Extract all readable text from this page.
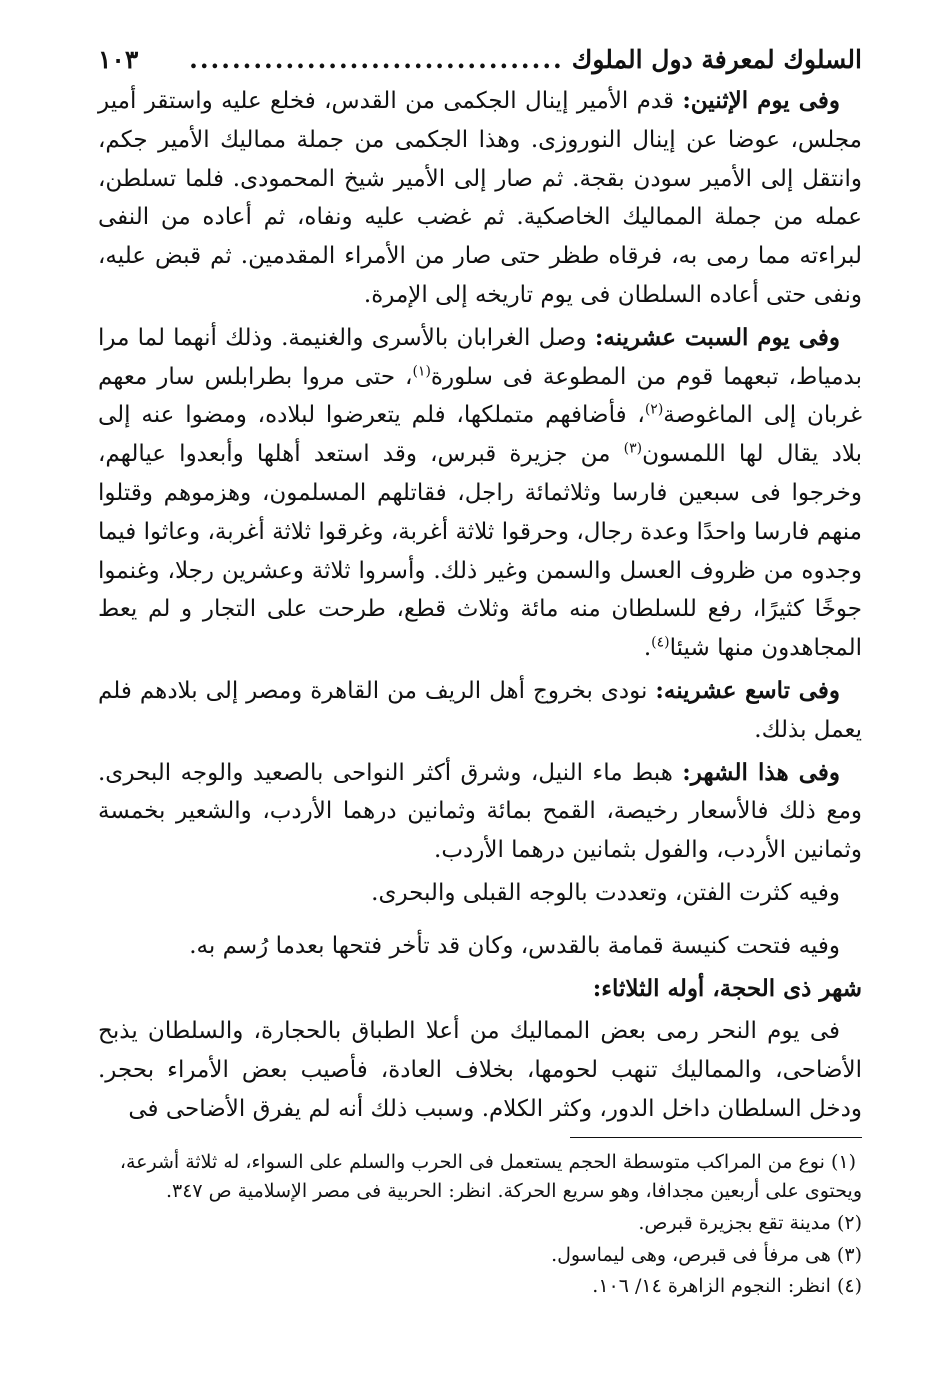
السلوك لمعرفة دول الملوك
...................................
١٠٣

وفى يوم الإثنين: قدم الأمير إينال الجكمى من القدس، فخلع عليه واستقر أمير مجلس، عوضا عن إينال النوروزى. وهذا الجكمى من جملة مماليك الأمير جكم، وانتقل إلى الأمير سودن بقجة. ثم صار إلى الأمير شيخ المحمودى. فلما تسلطن، عمله من جملة المماليك الخاصكية. ثم غضب عليه ونفاه، ثم أعاده من النفى لبراءته مما رمى به، فرقاه طظر حتى صار من الأمراء المقدمين. ثم قبض عليه، ونفى حتى أعاده السلطان فى يوم تاريخه إلى الإمرة.

وفى يوم السبت عشرينه: وصل الغرابان بالأسرى والغنيمة. وذلك أنهما لما مرا بدمياط، تبعهما قوم من المطوعة فى سلورة$^{(١)}$، حتى مروا بطرابلس سار معهم غربان إلى الماغوصة$^{(٢)}$، فأضافهم متملكها، فلم يتعرضوا لبلاده، ومضوا عنه إلى بلاد يقال لها اللمسون$^{(٣)}$ من جزيرة قبرس، وقد استعد أهلها وأبعدوا عيالهم، وخرجوا فى سبعين فارسا وثلاثمائة راجل، فقاتلهم المسلمون، وهزموهم وقتلوا منهم فارسا واحدًا وعدة رجال، وحرقوا ثلاثة أغربة، وغرقوا ثلاثة أغربة، وعاثوا فيما وجدوه من ظروف العسل والسمن وغير ذلك. وأسروا ثلاثة وعشرين رجلا، وغنموا جوخًا كثيرًا، رفع للسلطان منه مائة وثلاث قطع، طرحت على التجار و لم يعط المجاهدون منها شيئا$^{(٤)}$.

وفى تاسع عشرينه: نودى بخروج أهل الريف من القاهرة ومصر إلى بلادهم فلم يعمل بذلك.

وفى هذا الشهر: هبط ماء النيل، وشرق أكثر النواحى بالصعيد والوجه البحرى. ومع ذلك فالأسعار رخيصة، القمح بمائة وثمانين درهما الأردب، والشعير بخمسة وثمانين الأردب، والفول بثمانين درهما الأردب.

وفيه كثرت الفتن، وتعددت بالوجه القبلى والبحرى.

وفيه فتحت كنيسة قمامة بالقدس، وكان قد تأخر فتحها بعدما رُسم به.

شهر ذى الحجة، أوله الثلاثاء:

فى يوم النحر رمى بعض المماليك من أعلا الطباق بالحجارة، والسلطان يذبح الأضاحى، والمماليك تنهب لحومها، بخلاف العادة، فأصيب بعض الأمراء بحجر. ودخل السلطان داخل الدور، وكثر الكلام. وسبب ذلك أنه لم يفرق الأضاحى فى

(١) نوع من المراكب متوسطة الحجم يستعمل فى الحرب والسلم على السواء، له ثلاثة أشرعة،
ويحتوى على أربعين مجدافا، وهو سريع الحركة. انظر: الحربية فى مصر الإسلامية ص ٣٤٧.

(٢) مدينة تقع بجزيرة قبرص.

(٣) هى مرفأ فى قبرص، وهى ليماسول.

(٤) انظر: النجوم الزاهرة ١٤/ ١٠٦.
